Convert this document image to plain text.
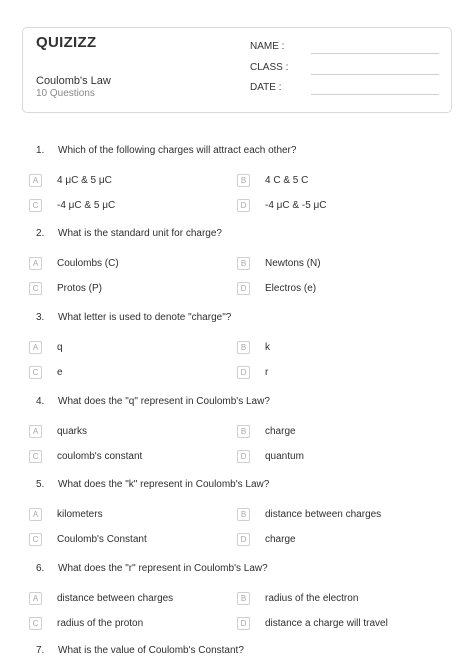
QUIZIZZ
Coulomb's Law
10 Questions
NAME :
CLASS :
DATE :
1.	Which of the following charges will attract each other?
A	4 μC & 5 μC	B	4 C & 5 C
C	-4 μC & 5 μC	D	-4 μC & -5 μC
2.	What is the standard unit for charge?
A	Coulombs (C)	B	Newtons (N)
C	Protos (P)	D	Electros (e)
3.	What letter is used to denote "charge"?
A	q	B	k
C	e	D	r
4.	What does the "q" represent in Coulomb's Law?
A	quarks	B	charge
C	coulomb's constant	D	quantum
5.	What does the "k" represent in Coulomb's Law?
A	kilometers	B	distance between charges
C	Coulomb's Constant	D	charge
6.	What does the "r" represent in Coulomb's Law?
A	distance between charges	B	radius of the electron
C	radius of the proton	D	distance a charge will travel
7.	What is the value of Coulomb's Constant?
